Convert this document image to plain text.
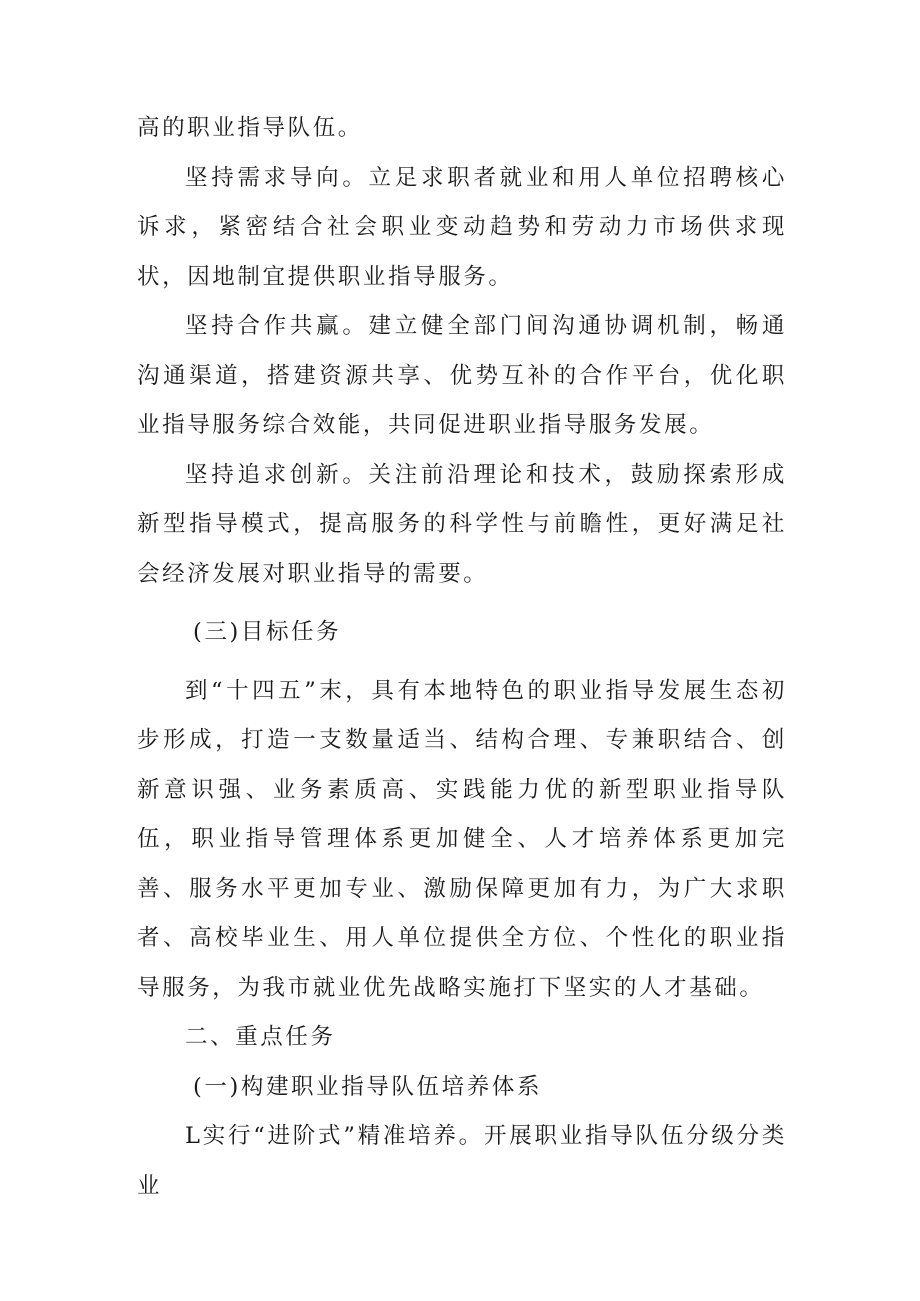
高的职业指导队伍。

坚持需求导向。立足求职者就业和用人单位招聘核心诉求，紧密结合社会职业变动趋势和劳动力市场供求现状，因地制宜提供职业指导服务。

坚持合作共赢。建立健全部门间沟通协调机制，畅通沟通渠道，搭建资源共享、优势互补的合作平台，优化职业指导服务综合效能，共同促进职业指导服务发展。

坚持追求创新。关注前沿理论和技术，鼓励探索形成新型指导模式，提高服务的科学性与前瞻性，更好满足社会经济发展对职业指导的需要。

(三)目标任务

到“十四五”末，具有本地特色的职业指导发展生态初步形成，打造一支数量适当、结构合理、专兼职结合、创新意识强、业务素质高、实践能力优的新型职业指导队伍，职业指导管理体系更加健全、人才培养体系更加完善、服务水平更加专业、激励保障更加有力，为广大求职者、高校毕业生、用人单位提供全方位、个性化的职业指导服务，为我市就业优先战略实施打下坚实的人才基础。

二、重点任务

(一)构建职业指导队伍培养体系

L实行“进阶式”精准培养。开展职业指导队伍分级分类业
